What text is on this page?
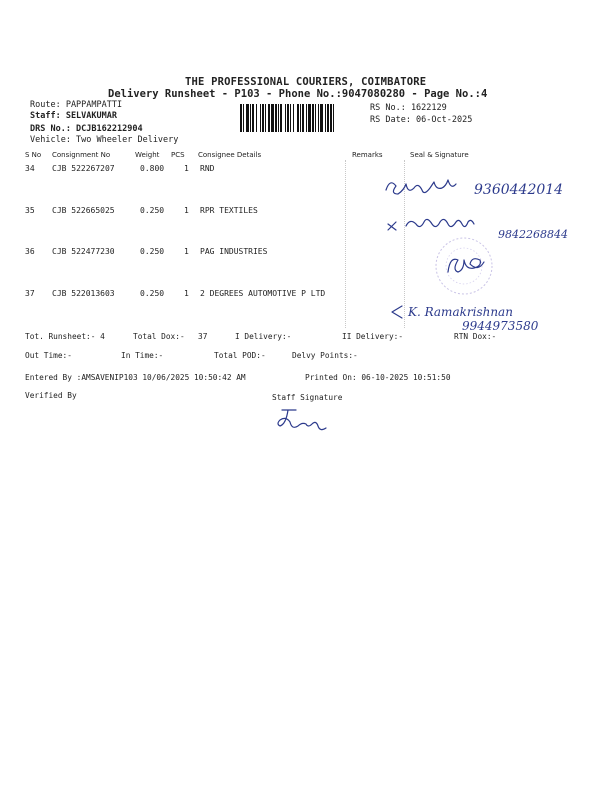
THE PROFESSIONAL COURIERS, COIMBATORE
Delivery Runsheet - P103 - Phone No.:9047080280 - Page No.:4
Route: PAPPAMPATTI
Staff: SELVAKUMAR
DRS No.: DCJB162212904
Vehicle: Two Wheeler Delivery
RS No.: 1622129
RS Date: 06-Oct-2025
S No Consignment No	Weight PCS Consignee Details	Remarks	Seal & Signature
34 CJB 522267207	0.800 1 RND
35 CJB 522665025	0.250 1 RPR TEXTILES
36 CJB 522477230	0.250 1 PAG INDUSTRIES
37 CJB 522013603	0.250 1 2 DEGREES AUTOMOTIVE P LTD
9360442014
9842268844
K. Ramakrishnan
9944973580
Tot. Runsheet:- 4	Total Dox:- 37	I Delivery:-	II Delivery:-	RTN Dox:-
Out Time:-	In Time:-	Total POD:-	Delvy Points:-
Entered By :AMSAVENIP103 10/06/2025 10:50:42 AM	Printed On: 06-10-2025 10:51:50
Verified By	Staff Signature
